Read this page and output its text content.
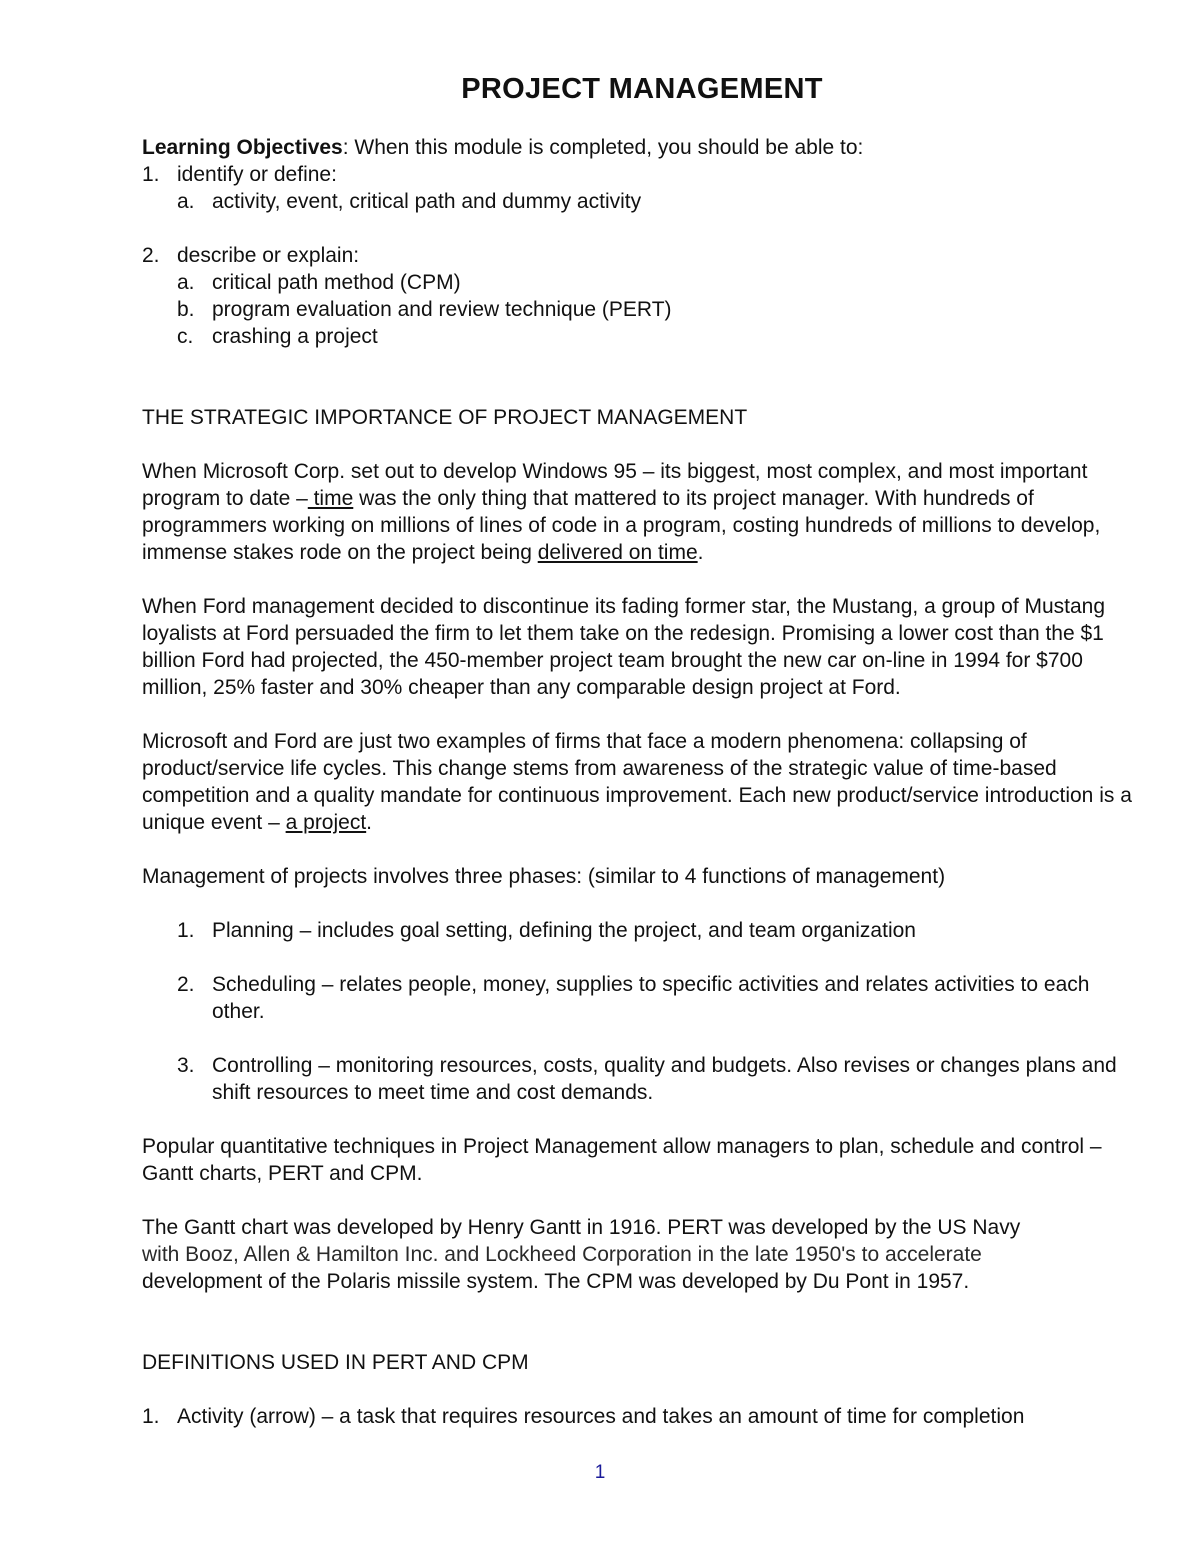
PROJECT MANAGEMENT

Learning Objectives: When this module is completed, you should be able to:

1. identify or define:
a. activity, event, critical path and dummy activity
2. describe or explain:
a. critical path method (CPM)
b. program evaluation and review technique (PERT)
c. crashing a project

THE STRATEGIC IMPORTANCE OF PROJECT MANAGEMENT

When Microsoft Corp. set out to develop Windows 95 – its biggest, most complex, and most important program to date – time was the only thing that mattered to its project manager. With hundreds of programmers working on millions of lines of code in a program, costing hundreds of millions to develop, immense stakes rode on the project being delivered on time.

When Ford management decided to discontinue its fading former star, the Mustang, a group of Mustang loyalists at Ford persuaded the firm to let them take on the redesign. Promising a lower cost than the $1 billion Ford had projected, the 450-member project team brought the new car on-line in 1994 for $700 million, 25% faster and 30% cheaper than any comparable design project at Ford.

Microsoft and Ford are just two examples of firms that face a modern phenomena: collapsing of product/service life cycles. This change stems from awareness of the strategic value of time-based competition and a quality mandate for continuous improvement. Each new product/service introduction is a unique event – a project.

Management of projects involves three phases: (similar to 4 functions of management)

1. Planning – includes goal setting, defining the project, and team organization
2. Scheduling – relates people, money, supplies to specific activities and relates activities to each other.
3. Controlling – monitoring resources, costs, quality and budgets. Also revises or changes plans and shift resources to meet time and cost demands.

Popular quantitative techniques in Project Management allow managers to plan, schedule and control – Gantt charts, PERT and CPM.

The Gantt chart was developed by Henry Gantt in 1916. PERT was developed by the US Navy
with Booz, Allen & Hamilton Inc. and Lockheed Corporation in the late 1950's to accelerate
development of the Polaris missile system. The CPM was developed by Du Pont in 1957.

DEFINITIONS USED IN PERT AND CPM

1. Activity (arrow) – a task that requires resources and takes an amount of time for completion
1
